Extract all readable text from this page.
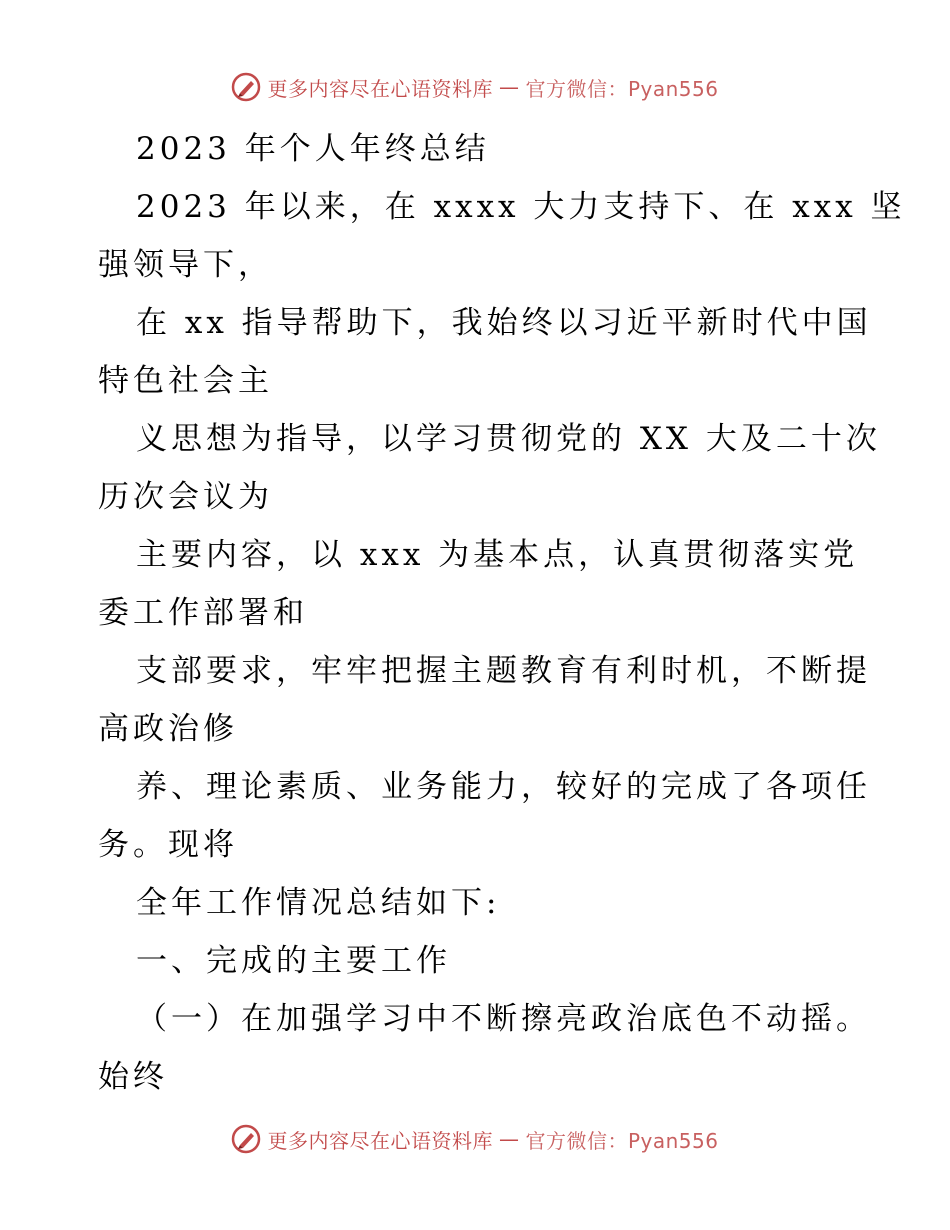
更多内容尽在心语资料库 — 官方微信：Pyan556
2023 年个人年终总结
2023 年以来，在 xxxx 大力支持下、在 xxx 坚
强领导下，
在 xx 指导帮助下，我始终以习近平新时代中国
特色社会主
义思想为指导，以学习贯彻党的 XX 大及二十次
历次会议为
主要内容，以 xxx 为基本点，认真贯彻落实党
委工作部署和
支部要求，牢牢把握主题教育有利时机，不断提
高政治修
养、理论素质、业务能力，较好的完成了各项任
务。现将
全年工作情况总结如下:
一、完成的主要工作
（一）在加强学习中不断擦亮政治底色不动摇。
始终
更多内容尽在心语资料库 — 官方微信：Pyan556
